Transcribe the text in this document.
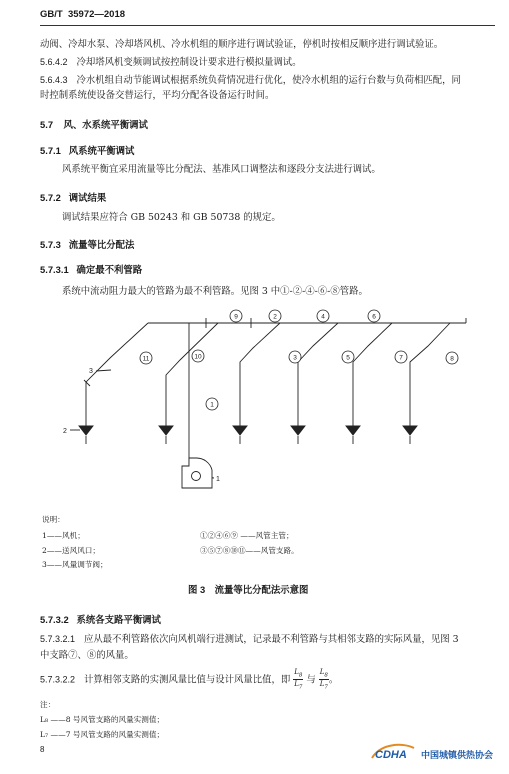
GB/T 35972—2018
动阀、冷却水泵、冷却塔风机、冷水机组的顺序进行调试验证，停机时按相反顺序进行调试验证。
5.6.4.2 冷却塔风机变频调试按控制设计要求进行模拟量调试。
5.6.4.3 冷水机组自动节能调试根据系统负荷情况进行优化，使冷水机组的运行台数与负荷相匹配，同
时控制系统使设备交替运行，平均分配各设备运行时间。
5.7 风、水系统平衡调试
5.7.1 风系统平衡调试
风系统平衡宜采用流量等比分配法、基准风口调整法和逐段分支法进行调试。
5.7.2 调试结果
调试结果应符合 GB 50243 和 GB 50738 的规定。
5.7.3 流量等比分配法
5.7.3.1 确定最不利管路
系统中流动阻力最大的管路为最不利管路。见图 3 中①-②-④-⑥-⑧管路。
9	2	4	6
11	10	3	5	7	8
1
3
2
1
说明：
1——风机；
2——送风风口；
3——风量调节阀；
①②④⑥⑨ ——风管主管；
③⑤⑦⑧⑩⑪——风管支路。
图 3　流量等比分配法示意图
5.7.3.2 系统各支路平衡调试
5.7.3.2.1 应从最不利管路依次向风机端行进测试，记录最不利管路与其相邻支路的实际风量，见图 3
中支路⑦、⑧的风量。
5.7.3.2.2 计算相邻支路的实测风量比值与设计风量比值，即 $\frac{L_8}{L_7}$ 与 $\frac{L_8}{L_7}$ 。
注：
L₈ ——8 号风管支路的风量实测值；
L₇ ——7 号风管支路的风量实测值；
8	CDHA 中国城镇供热协会
